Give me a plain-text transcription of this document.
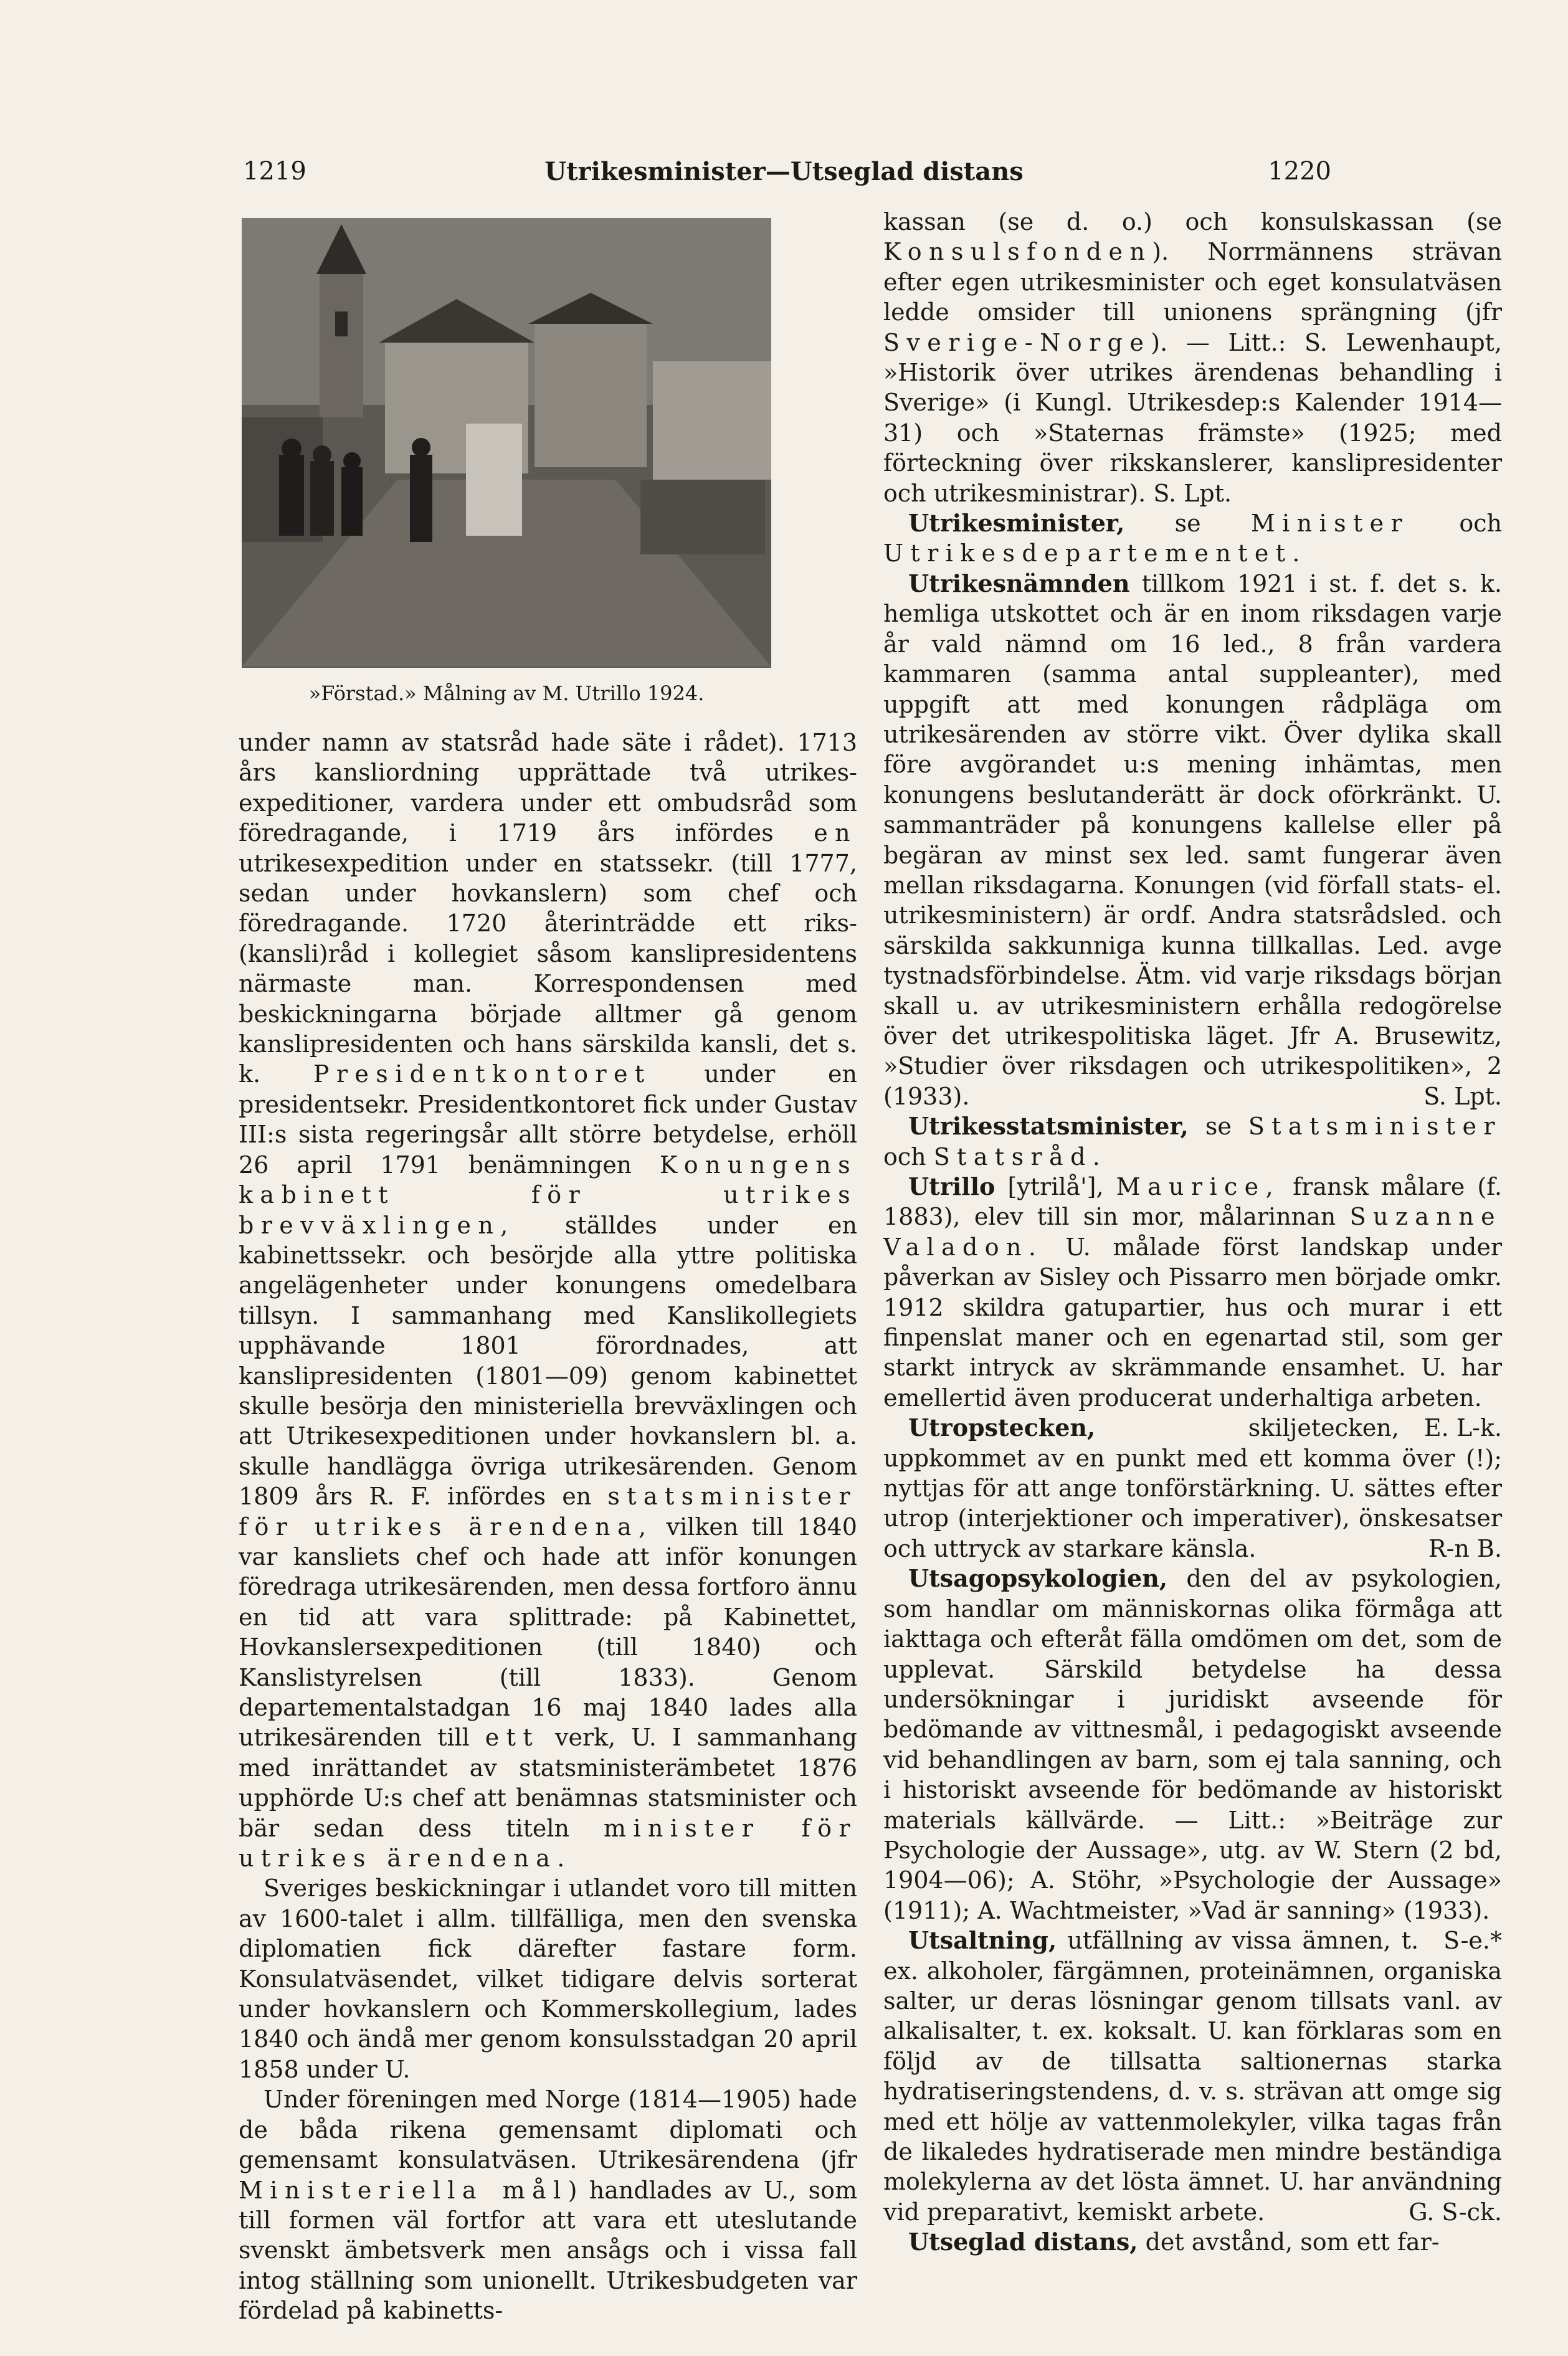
1219	Utrikesminister—Utseglad distans	1220
»Förstad.» Målning av M. Utrillo 1924.

under namn av statsråd hade säte i rådet). 1713 års kansliordning upprättade två utrikes-expeditioner, vardera under ett ombudsråd som föredragande, i 1719 års infördes en utrikesexpedition under en statssekr. (till 1777, sedan under hovkanslern) som chef och föredragande. 1720 återinträdde ett riks-(kansli)råd i kollegiet såsom kanslipresidentens närmaste man. Korrespondensen med beskickningarna började alltmer gå genom kanslipresidenten och hans särskilda kansli, det s. k. Presidentkontoret under en presidentsekr. Presidentkontoret fick under Gustav III:s sista regeringsår allt större betydelse, erhöll 26 april 1791 benämningen Konungens kabinett för utrikes brevväxlingen, ställdes under en kabinettssekr. och besörjde alla yttre politiska angelägenheter under konungens omedelbara tillsyn. I sammanhang med Kanslikollegiets upphävande 1801 förordnades, att kanslipresidenten (1801—09) genom kabinettet skulle besörja den ministeriella brevväxlingen och att Utrikesexpeditionen under hovkanslern bl. a. skulle handlägga övriga utrikesärenden. Genom 1809 års R. F. infördes en statsminister för utrikes ärendena, vilken till 1840 var kansliets chef och hade att inför konungen föredraga utrikesärenden, men dessa fortforo ännu en tid att vara splittrade: på Kabinettet, Hovkanslersexpeditionen (till 1840) och Kanslistyrelsen (till 1833). Genom departementalstadgan 16 maj 1840 lades alla utrikesärenden till ett verk, U. I sammanhang med inrättandet av statsministerämbetet 1876 upphörde U:s chef att benämnas statsminister och bär sedan dess titeln minister för utrikes ärendena.

Sveriges beskickningar i utlandet voro till mitten av 1600-talet i allm. tillfälliga, men den svenska diplomatien fick därefter fastare form. Konsulatväsendet, vilket tidigare delvis sorterat under hovkanslern och Kommerskollegium, lades 1840 och ändå mer genom konsulsstadgan 20 april 1858 under U.

Under föreningen med Norge (1814—1905) hade de båda rikena gemensamt diplomati och gemensamt konsulatväsen. Utrikesärendena (jfr Ministeriella mål) handlades av U., som till formen väl fortfor att vara ett uteslutande svenskt ämbetsverk men ansågs och i vissa fall intog ställning som unionellt. Utrikesbudgeten var fördelad på kabinetts-

kassan (se d. o.) och konsulskassan (se Konsulsfonden). Norrmännens strävan efter egen utrikesminister och eget konsulatväsen ledde omsider till unionens sprängning (jfr Sverige-Norge). — Litt.: S. Lewenhaupt, »Historik över utrikes ärendenas behandling i Sverige» (i Kungl. Utrikesdep:s Kalender 1914—31) och »Staternas främste» (1925; med förteckning över rikskanslerer, kanslipresidenter och utrikesministrar). S. Lpt.

Utrikesminister, se Minister och Utrikesdepartementet.

Utrikesnämnden tillkom 1921 i st. f. det s. k. hemliga utskottet och är en inom riksdagen varje år vald nämnd om 16 led., 8 från vardera kammaren (samma antal suppleanter), med uppgift att med konungen rådpläga om utrikesärenden av större vikt. Över dylika skall före avgörandet u:s mening inhämtas, men konungens beslutanderätt är dock oförkränkt. U. sammanträder på konungens kallelse eller på begäran av minst sex led. samt fungerar även mellan riksdagarna. Konungen (vid förfall stats- el. utrikesministern) är ordf. Andra statsrådsled. och särskilda sakkunniga kunna tillkallas. Led. avge tystnadsförbindelse. Ätm. vid varje riksdags början skall u. av utrikesministern erhålla redogörelse över det utrikespolitiska läget. Jfr A. Brusewitz, »Studier över riksdagen och utrikespolitiken», 2 (1933).	S. Lpt.

Utrikesstatsminister, se Statsminister och Statsråd.

Utrillo [ytrilå'], Maurice, fransk målare (f. 1883), elev till sin mor, målarinnan Suzanne Valadon. U. målade först landskap under påverkan av Sisley och Pissarro men började omkr. 1912 skildra gatupartier, hus och murar i ett finpenslat maner och en egenartad stil, som ger starkt intryck av skrämmande ensamhet. U. har emellertid även producerat underhaltiga arbeten.
E. L-k.

Utropstecken,	skiljetecken, uppkommet av en punkt med ett komma över (!); nyttjas för att ange tonförstärkning. U. sättes efter utrop (interjektioner och imperativer), önskesatser och uttryck av starkare känsla.	R-n B.

Utsagopsykologien, den del av psykologien, som handlar om människornas olika förmåga att iakttaga och efteråt fälla omdömen om det, som de upplevat. Särskild betydelse ha dessa undersökningar i juridiskt avseende för bedömande av vittnesmål, i pedagogiskt avseende vid behandlingen av barn, som ej tala sanning, och i historiskt avseende för bedömande av historiskt materials källvärde. — Litt.: »Beiträge zur Psychologie der Aussage», utg. av W. Stern (2 bd, 1904—06); A. Stöhr, »Psychologie der Aussage» (1911); A. Wachtmeister, »Vad är sanning» (1933).
S-e.*

Utsaltning, utfällning av vissa ämnen, t. ex. alkoholer, färgämnen, proteinämnen, organiska salter, ur deras lösningar genom tillsats vanl. av alkalisalter, t. ex. koksalt. U. kan förklaras som en följd av de tillsatta saltionernas starka hydratiseringstendens, d. v. s. strävan att omge sig med ett hölje av vattenmolekyler, vilka tagas från de likaledes hydratiserade men mindre beständiga molekylerna av det lösta ämnet. U. har användning vid preparativt, kemiskt arbete.	G. S-ck.

Utseglad distans, det avstånd, som ett far-
